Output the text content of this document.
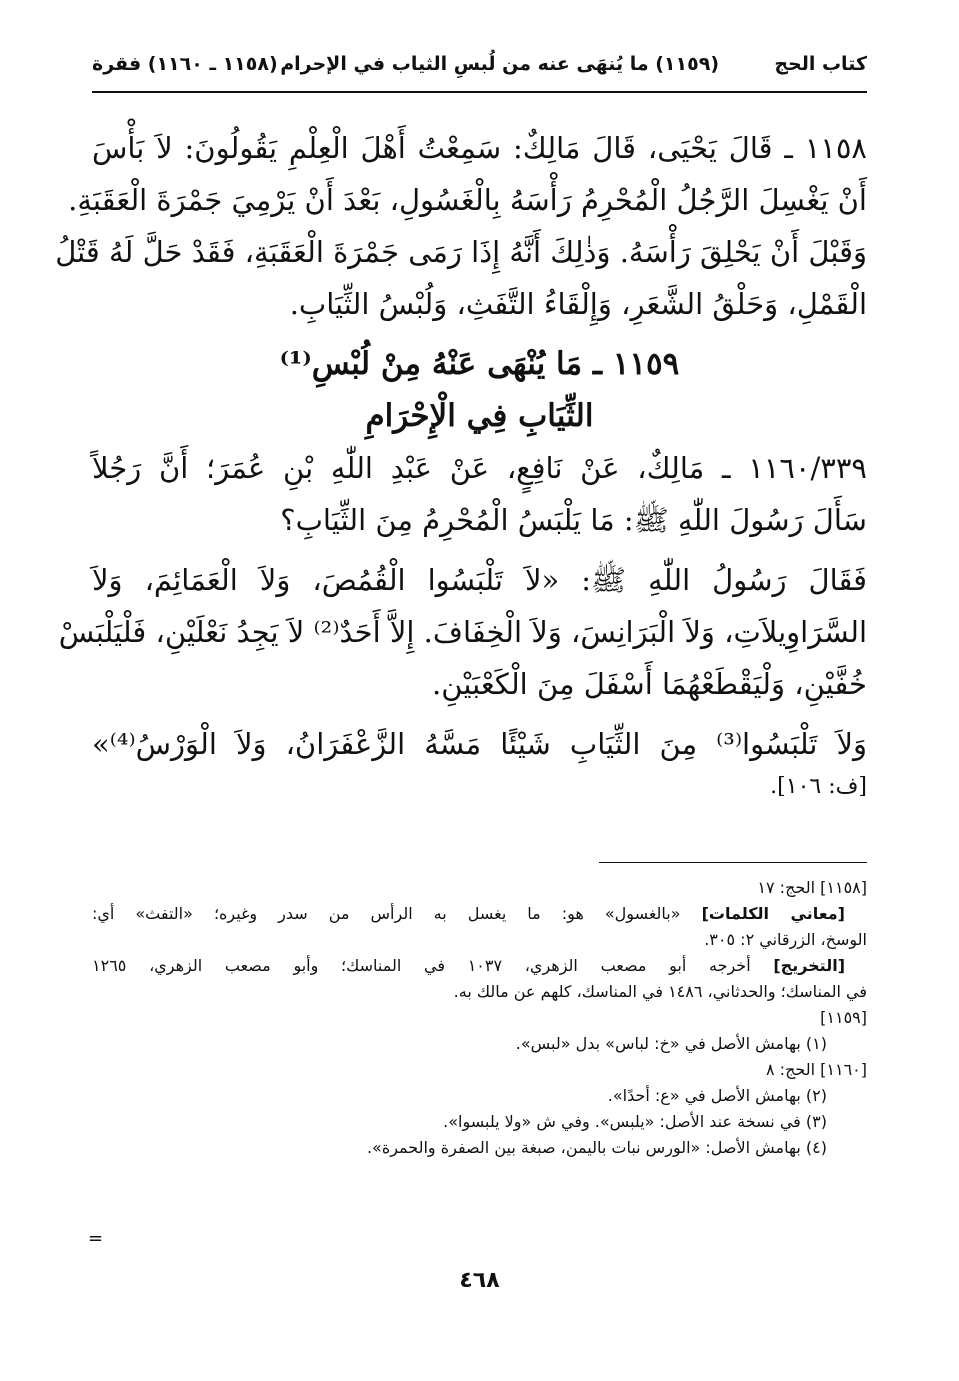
كتاب الحج
(١١٥٩) ما يُنهَى عنه من لُبسِ الثياب في الإحرام
(١١٥٨ ـ ١١٦٠) فقرة
١١٥٨ ـ قَالَ يَحْيَى، قَالَ مَالِكٌ: سَمِعْتُ أَهْلَ الْعِلْمِ يَقُولُونَ: لاَ بَأْسَ
أَنْ يَغْسِلَ الرَّجُلُ الْمُحْرِمُ رَأْسَهُ بِالْغَسُولِ، بَعْدَ أَنْ يَرْمِيَ جَمْرَةَ الْعَقَبَةِ.
وَقَبْلَ أَنْ يَحْلِقَ رَأْسَهُ. وَذٰلِكَ أَنَّهُ إِذَا رَمَى جَمْرَةَ الْعَقَبَةِ، فَقَدْ حَلَّ لَهُ قَتْلُ
الْقَمْلِ، وَحَلْقُ الشَّعَرِ، وَإِلْقَاءُ التَّفَثِ، وَلُبْسُ الثِّيَابِ.
١١٥٩ ـ مَا يُنْهَى عَنْهُ مِنْ لُبْسِ⁽¹⁾
الثِّيَابِ فِي الْإِحْرَامِ
١١٦٠/٣٣٩ ـ مَالِكٌ، عَنْ نَافِعٍ، عَنْ عَبْدِ اللّٰهِ بْنِ عُمَرَ؛ أَنَّ رَجُلاً
سَأَلَ رَسُولَ اللّٰهِ ﷺ: مَا يَلْبَسُ الْمُحْرِمُ مِنَ الثِّيَابِ؟
فَقَالَ رَسُولُ اللّٰهِ ﷺ: «لاَ تَلْبَسُوا الْقُمُصَ، وَلاَ الْعَمَائِمَ، وَلاَ
السَّرَاوِيلاَتِ، وَلاَ الْبَرَانِسَ، وَلاَ الْخِفَافَ. إِلاَّ أَحَدٌ⁽²⁾ لاَ يَجِدُ نَعْلَيْنِ، فَلْيَلْبَسْ
خُفَّيْنِ، وَلْيَقْطَعْهُمَا أَسْفَلَ مِنَ الْكَعْبَيْنِ.
وَلاَ تَلْبَسُوا⁽³⁾ مِنَ الثِّيَابِ شَيْئًا مَسَّهُ الزَّعْفَرَانُ، وَلاَ الْوَرْسُ⁽⁴⁾»
[ف: ١٠٦].
[١١٥٨] الحج: ١٧
[معاني الكلمات] «بالغسول» هو: ما يغسل به الرأس من سدر وغيره؛ «التفث» أي:
الوسخ، الزرقاني ٢: ٣٠٥.
[التخريج] أخرجه أبو مصعب الزهري، ١٠٣٧ في المناسك؛ وأبو مصعب الزهري، ١٢٦٥
في المناسك؛ والحدثاني، ١٤٨٦ في المناسك، كلهم عن مالك به.
[١١٥٩]
(١) بهامش الأصل في «خ: لباس» بدل «لبس».
[١١٦٠] الحج: ٨
(٢) بهامش الأصل في «ع: أحدًا».
(٣) في نسخة عند الأصل: «يلبس». وفي ش «ولا يلبسوا».
(٤) بهامش الأصل: «الورس نبات باليمن، صبغة بين الصفرة والحمرة».
=
٤٦٨
